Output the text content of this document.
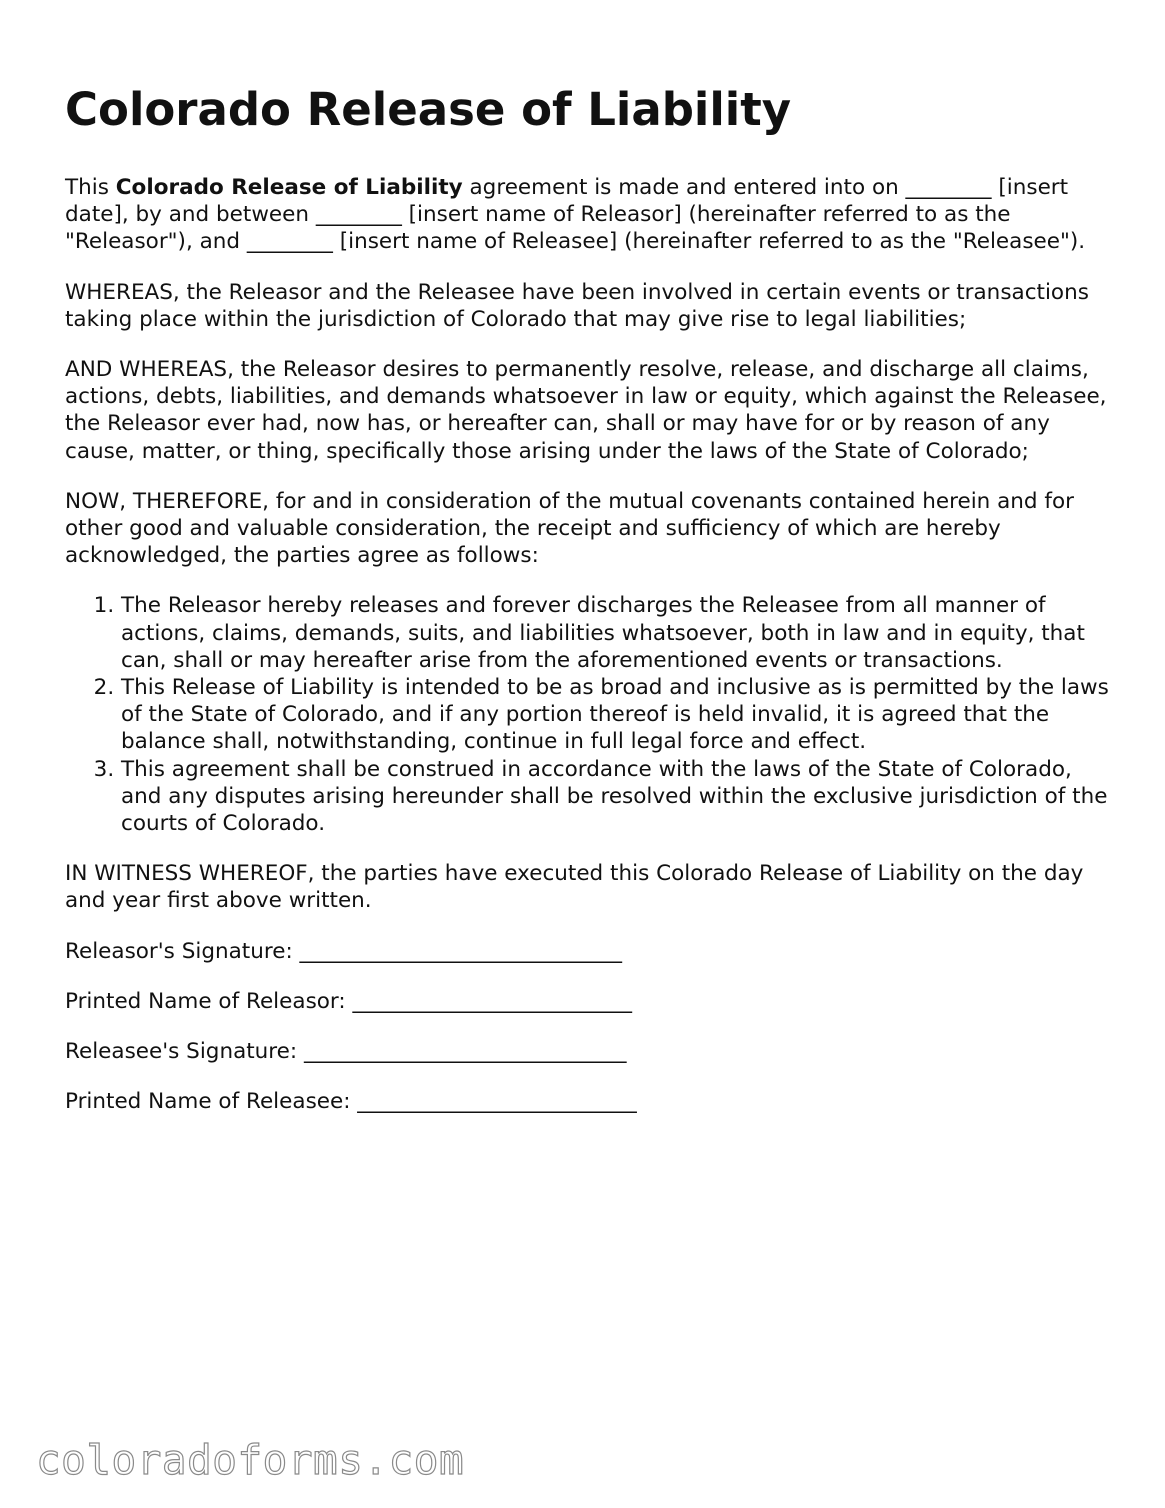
Colorado Release of Liability

This Colorado Release of Liability agreement is made and entered into on ________ [insert date], by and between ________ [insert name of Releasor] (hereinafter referred to as the "Releasor"), and ________ [insert name of Releasee] (hereinafter referred to as the "Releasee").

WHEREAS, the Releasor and the Releasee have been involved in certain events or transactions taking place within the jurisdiction of Colorado that may give rise to legal liabilities;

AND WHEREAS, the Releasor desires to permanently resolve, release, and discharge all claims, actions, debts, liabilities, and demands whatsoever in law or equity, which against the Releasee, the Releasor ever had, now has, or hereafter can, shall or may have for or by reason of any cause, matter, or thing, specifically those arising under the laws of the State of Colorado;

NOW, THEREFORE, for and in consideration of the mutual covenants contained herein and for other good and valuable consideration, the receipt and sufficiency of which are hereby acknowledged, the parties agree as follows:

1. The Releasor hereby releases and forever discharges the Releasee from all manner of actions, claims, demands, suits, and liabilities whatsoever, both in law and in equity, that can, shall or may hereafter arise from the aforementioned events or transactions.
2. This Release of Liability is intended to be as broad and inclusive as is permitted by the laws of the State of Colorado, and if any portion thereof is held invalid, it is agreed that the balance shall, notwithstanding, continue in full legal force and effect.
3. This agreement shall be construed in accordance with the laws of the State of Colorado, and any disputes arising hereunder shall be resolved within the exclusive jurisdiction of the courts of Colorado.

IN WITNESS WHEREOF, the parties have executed this Colorado Release of Liability on the day and year first above written.

Releasor's Signature: ______________________________
Printed Name of Releasor: __________________________
Releasee's Signature: ______________________________
Printed Name of Releasee: __________________________
coloradoforms.com
